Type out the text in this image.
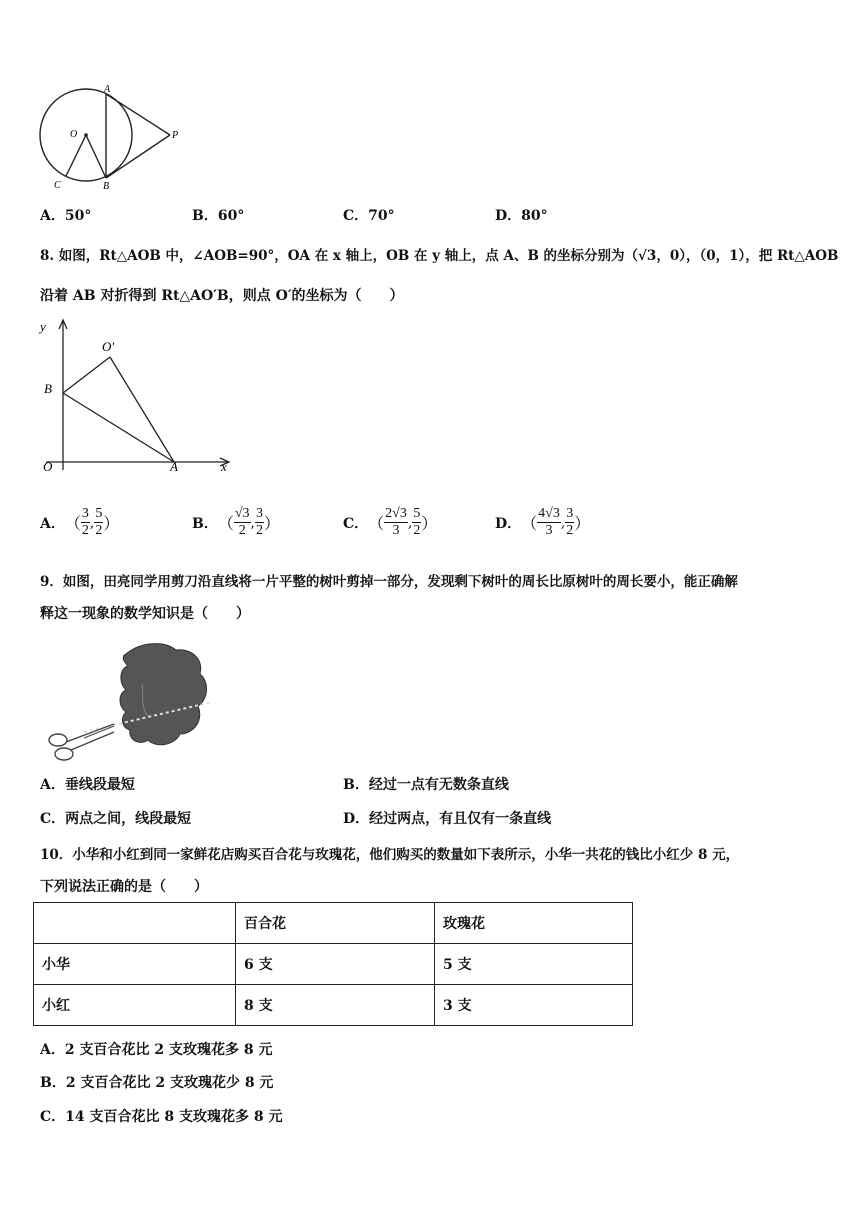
A
O	P
C	B
A．50°	B．60°	C．70°	D．80°
8. 如图，Rt△AOB 中，∠AOB=90°，OA 在 x 轴上，OB 在 y 轴上，点 A、B 的坐标分别为（√3，0），（0，1），把 Rt△AOB
沿着 AB 对折得到 Rt△AO′B，则点 O′的坐标为（　　）
y
O′
B
O	A	x
A． （ $\frac{3}{2}$ , $\frac{5}{2}$ ）	B． （ $\frac{√3}{2}$ , $\frac{3}{2}$ ）	C． （ $\frac{2√3}{3}$ , $\frac{5}{2}$ ）	D． （ $\frac{4√3}{3}$ , $\frac{3}{2}$ ）
9．如图，田亮同学用剪刀沿直线将一片平整的树叶剪掉一部分，发现剩下树叶的周长比原树叶的周长要小，能正确解
释这一现象的数学知识是（　　）
A．垂线段最短	B．经过一点有无数条直线
C．两点之间，线段最短	D．经过两点，有且仅有一条直线
10．小华和小红到同一家鲜花店购买百合花与玫瑰花，他们购买的数量如下表所示，小华一共花的钱比小红少 8 元，
下列说法正确的是（　　）
	百合花	玫瑰花
小华	6 支	5 支
小红	8 支	3 支
A．2 支百合花比 2 支玫瑰花多 8 元
B．2 支百合花比 2 支玫瑰花少 8 元
C．14 支百合花比 8 支玫瑰花多 8 元
